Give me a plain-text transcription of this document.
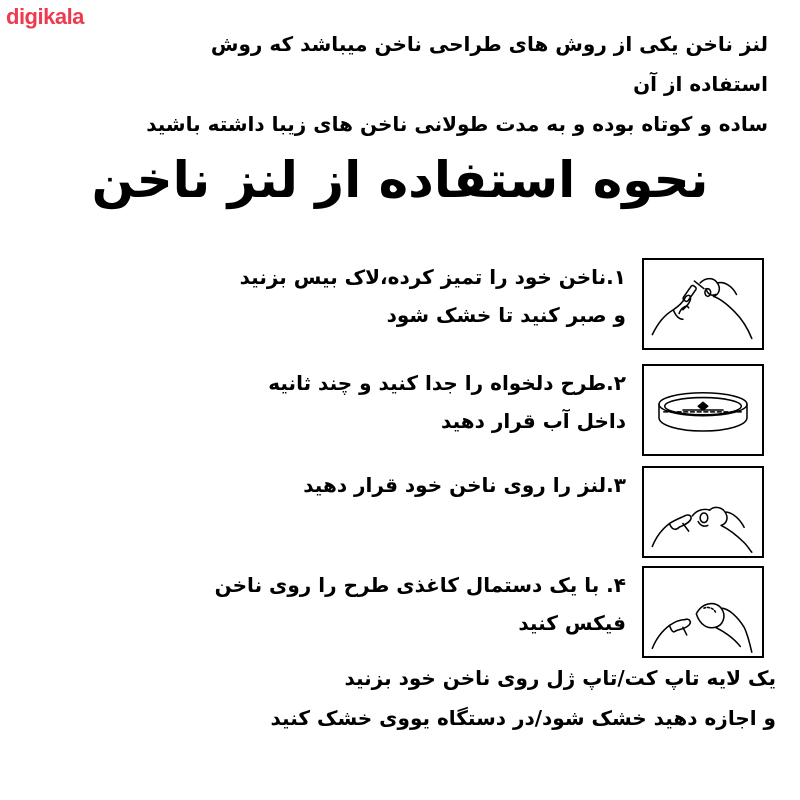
digikala
لنز ناخن یکی از روش های طراحی ناخن میباشد که روش استفاده از آن
ساده و کوتاه بوده و به مدت طولانی ناخن های زیبا داشته باشید
نحوه استفاده از لنز ناخن
۱.ناخن خود را تمیز کرده،لاک بیس بزنید
و صبر کنید تا خشک شود
۲.طرح دلخواه را جدا کنید و چند ثانیه
داخل آب قرار دهید
۳.لنز را روی ناخن خود قرار دهید
۴. با یک دستمال کاغذی طرح را روی ناخن
فیکس کنید
یک لایه تاپ کت/تاپ ژل روی ناخن خود بزنید
و اجازه دهید خشک شود/در دستگاه یووی خشک کنید
